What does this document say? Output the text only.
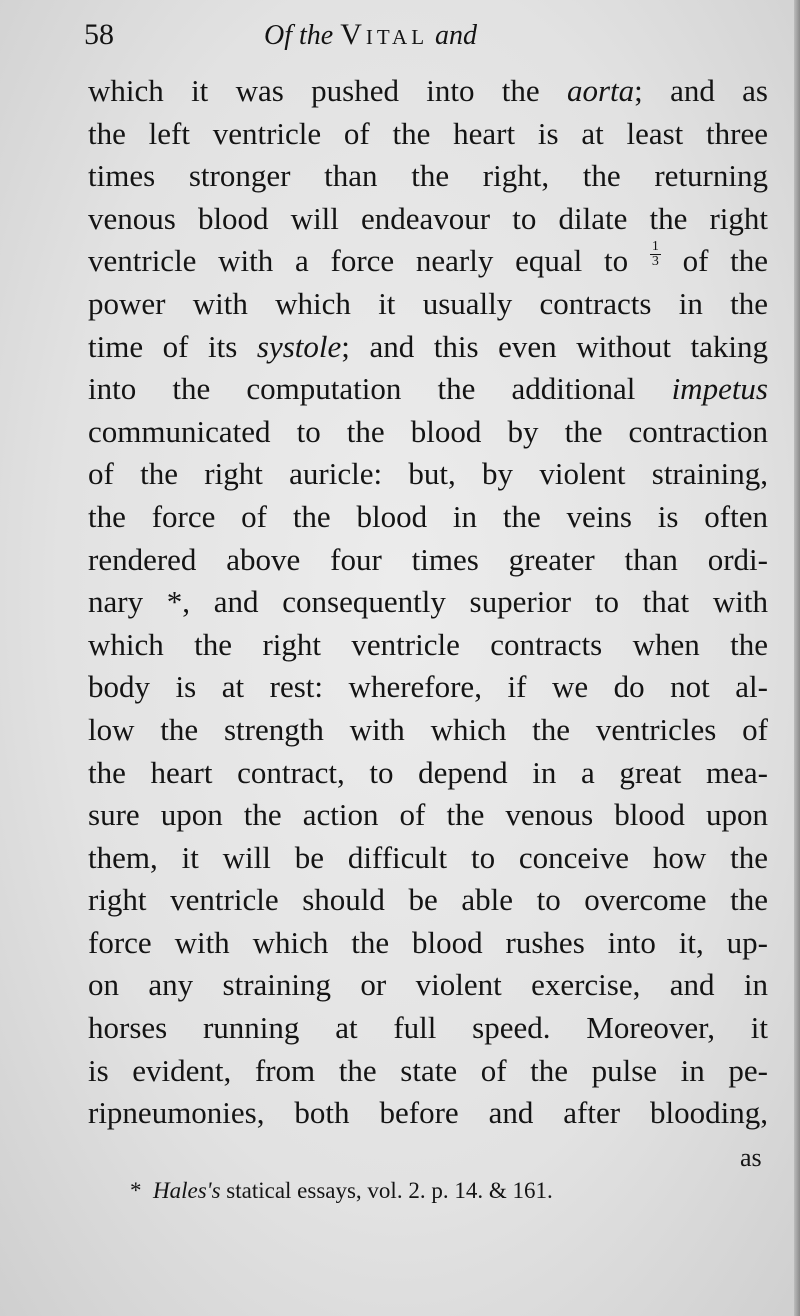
58	Of the Vital and
which it was pushed into the aorta; and as
the left ventricle of the heart is at least three
times stronger than the right, the returning
venous blood will endeavour to dilate the right
ventricle with a force nearly equal to $\frac{1}{3}$ of the
power with which it usually contracts in the
time of its systole; and this even without taking
into the computation the additional impetus
communicated to the blood by the contraction
of the right auricle: but, by violent straining,
the force of the blood in the veins is often
rendered above four times greater than ordi-
nary *, and consequently superior to that with
which the right ventricle contracts when the
body is at rest: wherefore, if we do not al-
low the strength with which the ventricles of
the heart contract, to depend in a great mea-
sure upon the action of the venous blood upon
them, it will be difficult to conceive how the
right ventricle should be able to overcome the
force with which the blood rushes into it, up-
on any straining or violent exercise, and in
horses running at full speed. Moreover, it
is evident, from the state of the pulse in pe-
ripneumonies, both before and after blooding,
as
* Hales's statical essays, vol. 2. p. 14. & 161.
